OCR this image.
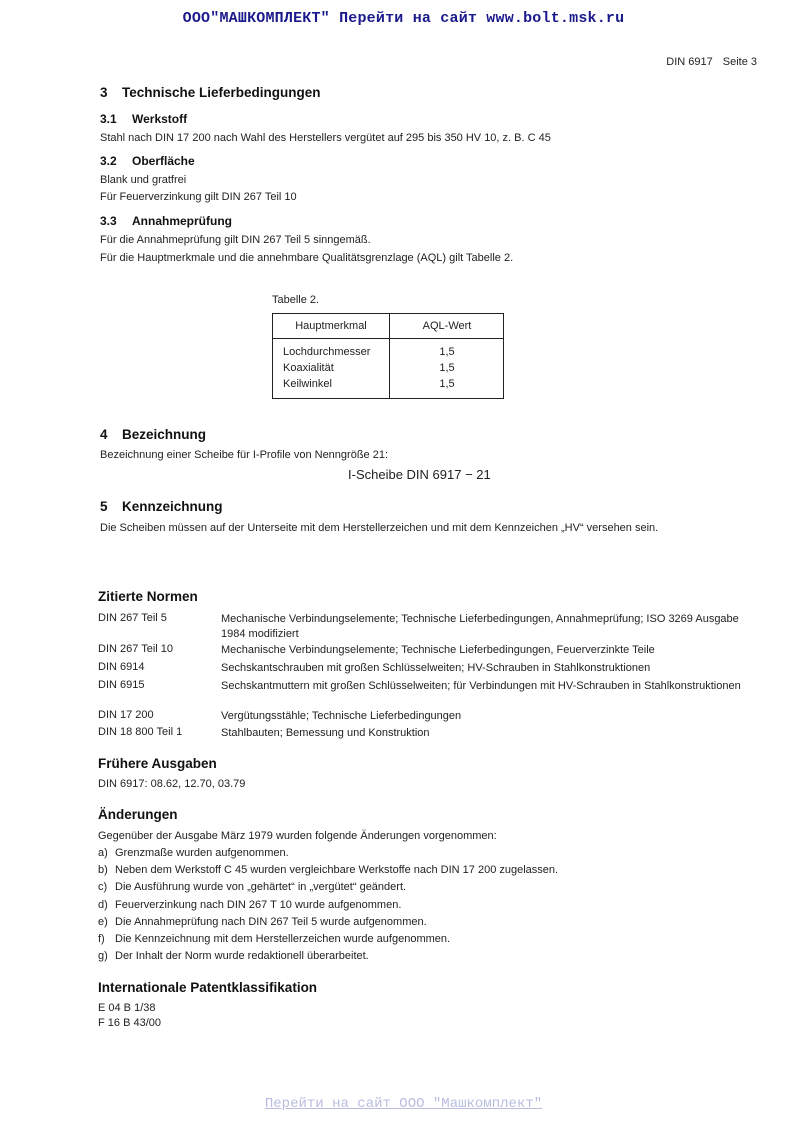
ООО"МАШКОМПЛЕКТ" Перейти на сайт www.bolt.msk.ru
DIN 6917 Seite 3
3 Technische Lieferbedingungen
3.1 Werkstoff
Stahl nach DIN 17 200 nach Wahl des Herstellers vergütet auf 295 bis 350 HV 10, z. B. C 45
3.2 Oberfläche
Blank und gratfrei
Für Feuerverzinkung gilt DIN 267 Teil 10
3.3 Annahmeprüfung
Für die Annahmeprüfung gilt DIN 267 Teil 5 sinngemäß.
Für die Hauptmerkmale und die annehmbare Qualitätsgrenzlage (AQL) gilt Tabelle 2.
Tabelle 2.
Hauptmerkmal	AQL-Wert
Lochdurchmesser	1,5
Koaxialität	1,5
Keilwinkel	1,5
4 Bezeichnung
Bezeichnung einer Scheibe für I-Profile von Nenngröße 21:
I-Scheibe DIN 6917 − 21
5 Kennzeichnung
Die Scheiben müssen auf der Unterseite mit dem Herstellerzeichen und mit dem Kennzeichen „HV“ versehen sein.
Zitierte Normen
DIN 267 Teil 5	Mechanische Verbindungselemente; Technische Lieferbedingungen, Annahmeprüfung; ISO 3269 Ausgabe 1984 modifiziert
DIN 267 Teil 10	Mechanische Verbindungselemente; Technische Lieferbedingungen, Feuerverzinkte Teile
DIN 6914	Sechskantschrauben mit großen Schlüsselweiten; HV-Schrauben in Stahlkonstruktionen
DIN 6915	Sechskantmuttern mit großen Schlüsselweiten; für Verbindungen mit HV-Schrauben in Stahlkonstruktionen
DIN 17 200	Vergütungsstähle; Technische Lieferbedingungen
DIN 18 800 Teil 1	Stahlbauten; Bemessung und Konstruktion
Frühere Ausgaben
DIN 6917: 08.62, 12.70, 03.79
Änderungen
Gegenüber der Ausgabe März 1979 wurden folgende Änderungen vorgenommen:
a) Grenzmaße wurden aufgenommen.
b) Neben dem Werkstoff C 45 wurden vergleichbare Werkstoffe nach DIN 17 200 zugelassen.
c) Die Ausführung wurde von „gehärtet“ in „vergütet“ geändert.
d) Feuerverzinkung nach DIN 267 T 10 wurde aufgenommen.
e) Die Annahmeprüfung nach DIN 267 Teil 5 wurde aufgenommen.
f) Die Kennzeichnung mit dem Herstellerzeichen wurde aufgenommen.
g) Der Inhalt der Norm wurde redaktionell überarbeitet.
Internationale Patentklassifikation
E 04 B 1/38
F 16 B 43/00
Перейти на сайт ООО "Машкомплект"
